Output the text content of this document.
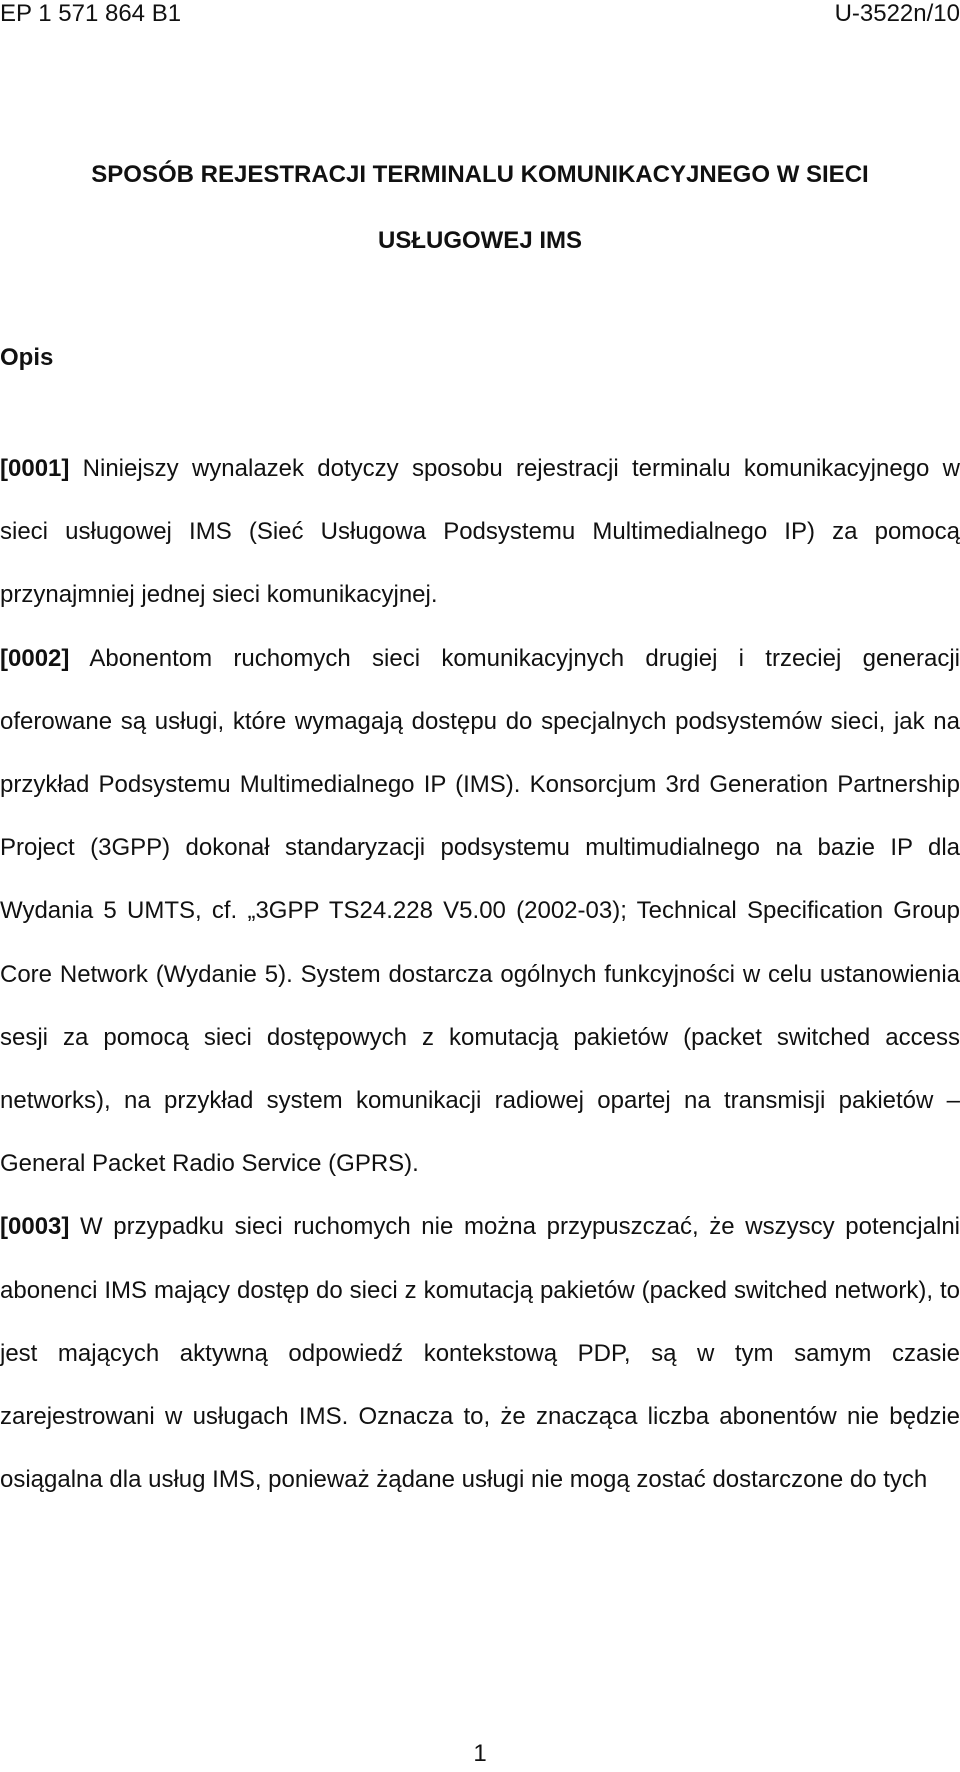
EP 1 571 864 B1	U-3522n/10
SPOSÓB REJESTRACJI TERMINALU KOMUNIKACYJNEGO W SIECI
USŁUGOWEJ IMS
Opis

[0001] Niniejszy wynalazek dotyczy sposobu rejestracji terminalu komunikacyjnego w sieci usługowej IMS (Sieć Usługowa Podsystemu Multimedialnego IP) za pomocą przynajmniej jednej sieci komunikacyjnej.

[0002] Abonentom ruchomych sieci komunikacyjnych drugiej i trzeciej generacji oferowane są usługi, które wymagają dostępu do specjalnych podsystemów sieci, jak na przykład Podsystemu Multimedialnego IP (IMS). Konsorcjum 3rd Generation Partnership Project (3GPP) dokonał standaryzacji podsystemu multimudialnego na bazie IP dla Wydania 5 UMTS, cf. „3GPP TS24.228 V5.00 (2002-03); Technical Specification Group Core Network (Wydanie 5). System dostarcza ogólnych funkcyjności w celu ustanowienia sesji za pomocą sieci dostępowych z komutacją pakietów (packet switched access networks), na przykład system komunikacji radiowej opartej na transmisji pakietów – General Packet Radio Service (GPRS).

[0003] W przypadku sieci ruchomych nie można przypuszczać, że wszyscy potencjalni abonenci IMS mający dostęp do sieci z komutacją pakietów (packed switched network), to jest mających aktywną odpowiedź kontekstową PDP, są w tym samym czasie zarejestrowani w usługach IMS. Oznacza to, że znacząca liczba abonentów nie będzie osiągalna dla usług IMS, ponieważ żądane usługi nie mogą zostać dostarczone do tych

1
